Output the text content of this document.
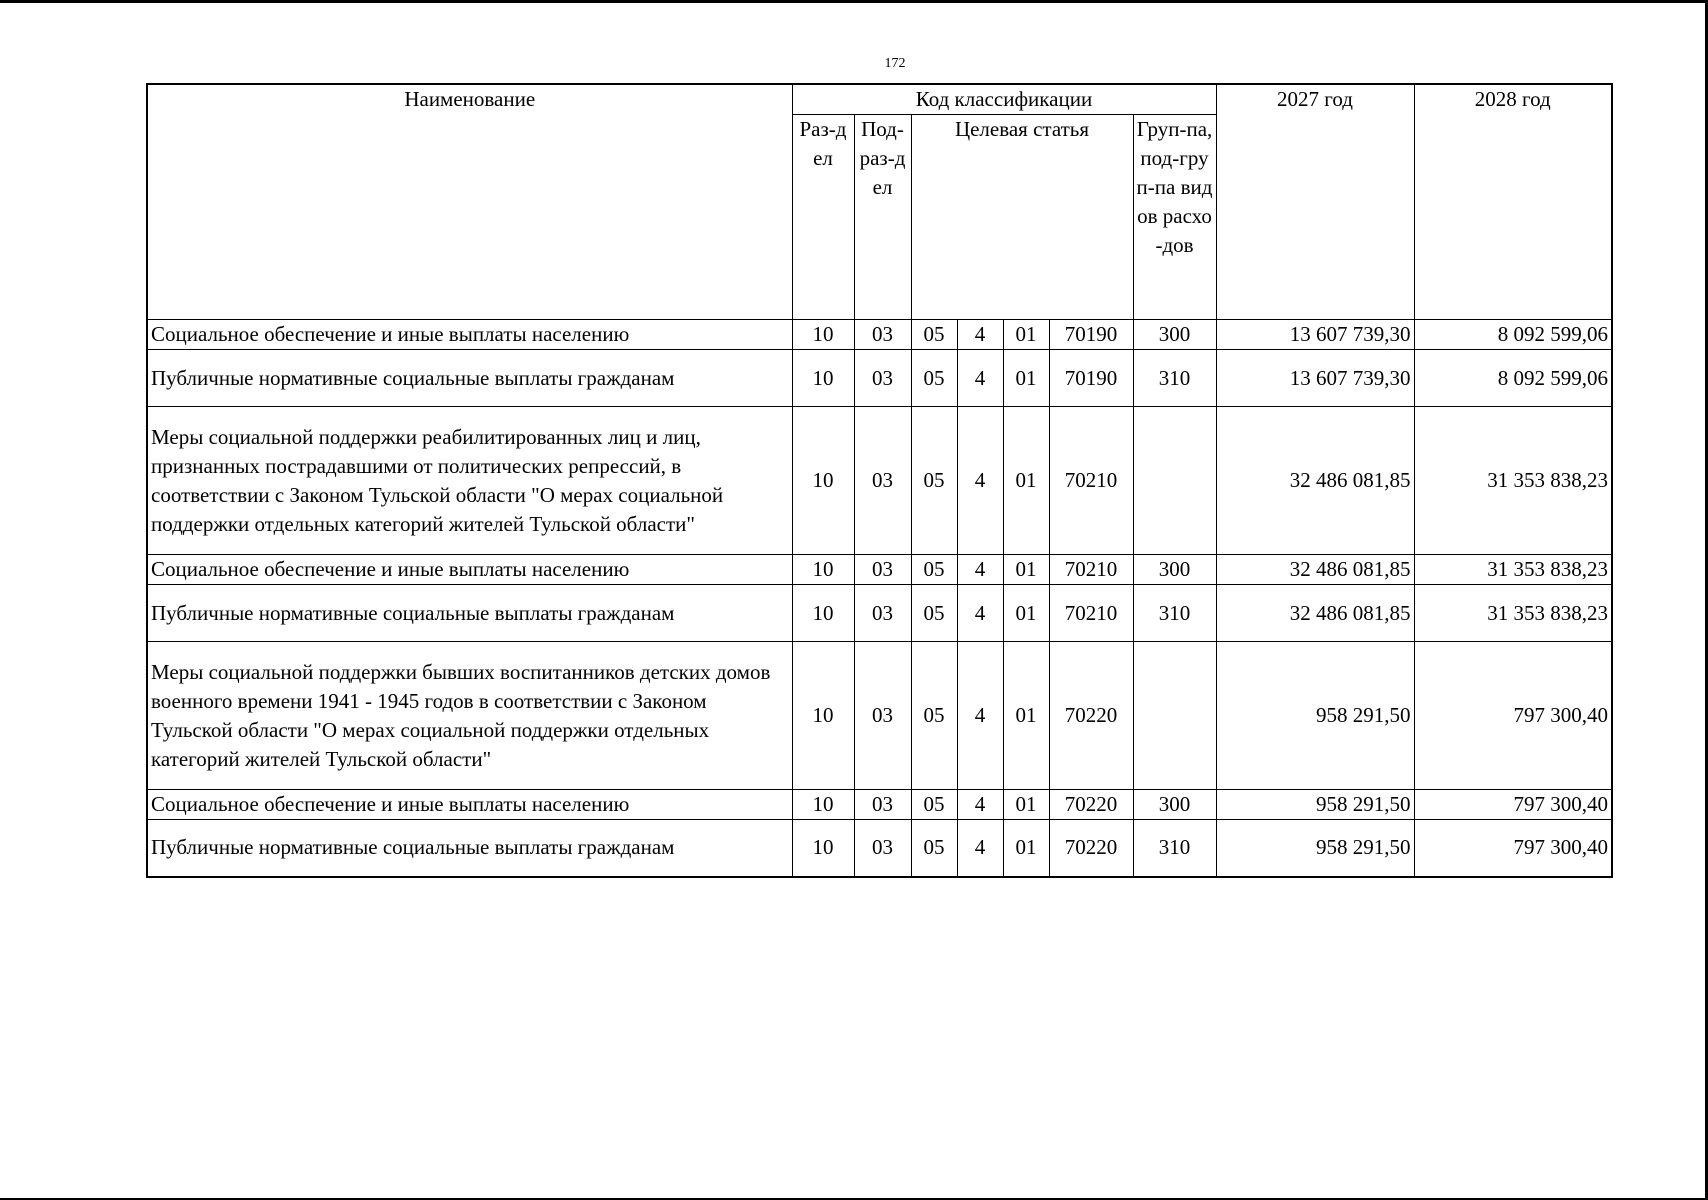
172
Наименование	Код классификации							2027 год	2028 год
	Раз-дел	Под-раз-дел	Целевая статья				Груп-па, под-груп-па видов расхо-дов		
Социальное обеспечение и иные выплаты населению	10	03	05	4	01	70190	300	13 607 739,30	8 092 599,06
Публичные нормативные социальные выплаты гражданам	10	03	05	4	01	70190	310	13 607 739,30	8 092 599,06
Меры социальной поддержки реабилитированных лиц и лиц, признанных пострадавшими от политических репрессий, в соответствии с Законом Тульской области "О мерах социальной поддержки отдельных категорий жителей Тульской области"	10	03	05	4	01	70210		32 486 081,85	31 353 838,23
Социальное обеспечение и иные выплаты населению	10	03	05	4	01	70210	300	32 486 081,85	31 353 838,23
Публичные нормативные социальные выплаты гражданам	10	03	05	4	01	70210	310	32 486 081,85	31 353 838,23
Меры социальной поддержки бывших воспитанников детских домов военного времени 1941 - 1945 годов в соответствии с Законом Тульской области "О мерах социальной поддержки отдельных категорий жителей Тульской области"	10	03	05	4	01	70220		958 291,50	797 300,40
Социальное обеспечение и иные выплаты населению	10	03	05	4	01	70220	300	958 291,50	797 300,40
Публичные нормативные социальные выплаты гражданам	10	03	05	4	01	70220	310	958 291,50	797 300,40
